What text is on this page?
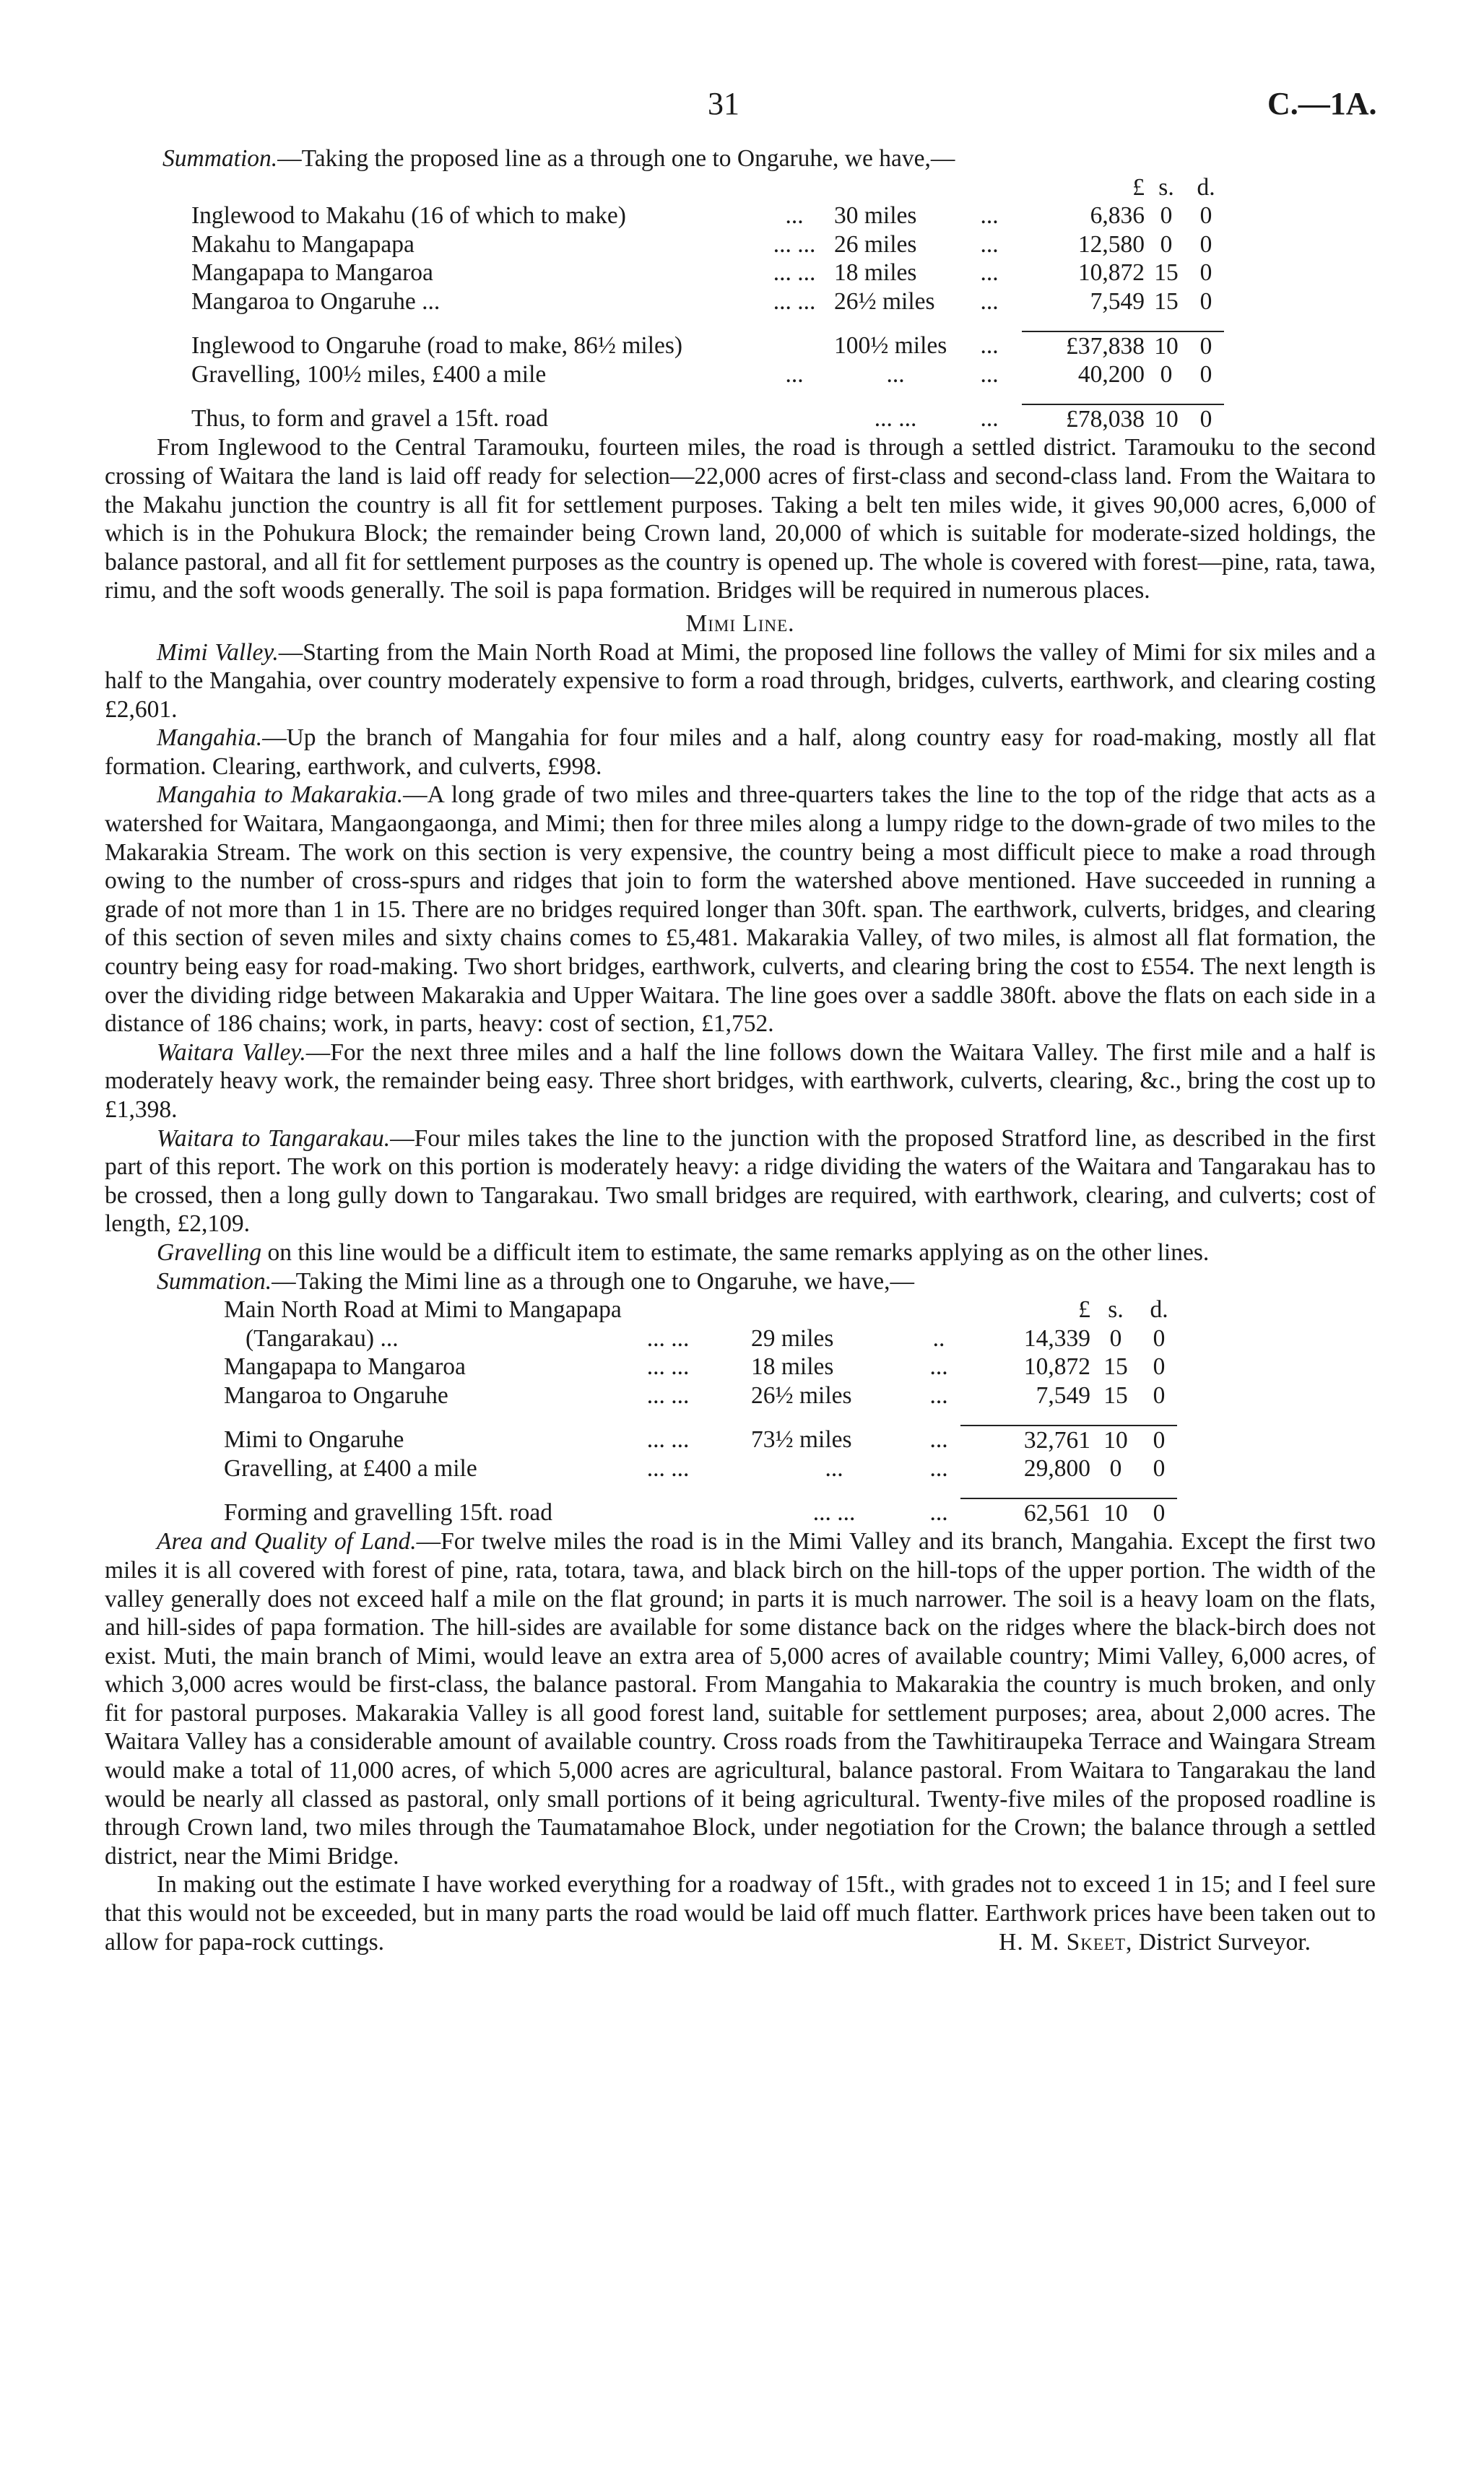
31	C.—1A.

Summation.—Taking the proposed line as a through one to Ongaruhe, we have,—

				£	s.	d.
Inglewood to Makahu (16 of which to make)	...	30 miles	...	6,836	0	0
Makahu to Mangapapa	... ...	26 miles	...	12,580	0	0
Mangapapa to Mangaroa	... ...	18 miles	...	10,872	15	0
Mangaroa to Ongaruhe ...	... ...	26½ miles	...	7,549	15	0

Inglewood to Ongaruhe (road to make, 86½ miles)		100½ miles	...	£37,838	10	0
Gravelling, 100½ miles, £400 a mile	...	...	...	40,200	0	0

Thus, to form and gravel a 15ft. road		... ...	...	£78,038	10	0

From Inglewood to the Central Taramouku, fourteen miles, the road is through a settled district. Taramouku to the second crossing of Waitara the land is laid off ready for selection—22,000 acres of first-class and second-class land. From the Waitara to the Makahu junction the country is all fit for settlement purposes. Taking a belt ten miles wide, it gives 90,000 acres, 6,000 of which is in the Pohukura Block; the remainder being Crown land, 20,000 of which is suitable for moderate-sized holdings, the balance pastoral, and all fit for settlement purposes as the country is opened up. The whole is covered with forest—pine, rata, tawa, rimu, and the soft woods generally. The soil is papa formation. Bridges will be required in numerous places.

Mimi Line.

Mimi Valley.—Starting from the Main North Road at Mimi, the proposed line follows the valley of Mimi for six miles and a half to the Mangahia, over country moderately expensive to form a road through, bridges, culverts, earthwork, and clearing costing £2,601.

Mangahia.—Up the branch of Mangahia for four miles and a half, along country easy for road-making, mostly all flat formation. Clearing, earthwork, and culverts, £998.

Mangahia to Makarakia.—A long grade of two miles and three-quarters takes the line to the top of the ridge that acts as a watershed for Waitara, Mangaongaonga, and Mimi; then for three miles along a lumpy ridge to the down-grade of two miles to the Makarakia Stream. The work on this section is very expensive, the country being a most difficult piece to make a road through owing to the number of cross-spurs and ridges that join to form the watershed above mentioned. Have succeeded in running a grade of not more than 1 in 15. There are no bridges required longer than 30ft. span. The earthwork, culverts, bridges, and clearing of this section of seven miles and sixty chains comes to £5,481. Makarakia Valley, of two miles, is almost all flat formation, the country being easy for road-making. Two short bridges, earthwork, culverts, and clearing bring the cost to £554. The next length is over the dividing ridge between Makarakia and Upper Waitara. The line goes over a saddle 380ft. above the flats on each side in a distance of 186 chains; work, in parts, heavy: cost of section, £1,752.

Waitara Valley.—For the next three miles and a half the line follows down the Waitara Valley. The first mile and a half is moderately heavy work, the remainder being easy. Three short bridges, with earthwork, culverts, clearing, &c., bring the cost up to £1,398.

Waitara to Tangarakau.—Four miles takes the line to the junction with the proposed Stratford line, as described in the first part of this report. The work on this portion is moderately heavy: a ridge dividing the waters of the Waitara and Tangarakau has to be crossed, then a long gully down to Tangarakau. Two small bridges are required, with earthwork, clearing, and culverts; cost of length, £2,109.

Gravelling on this line would be a difficult item to estimate, the same remarks applying as on the other lines.

Summation.—Taking the Mimi line as a through one to Ongaruhe, we have,—

Main North Road at Mimi to Mangapapa				£	s.	d.
(Tangarakau) ...	... ...	29 miles	..	14,339	0	0
Mangapapa to Mangaroa	... ...	18 miles	...	10,872	15	0
Mangaroa to Ongaruhe	... ...	26½ miles	...	7,549	15	0

Mimi to Ongaruhe	... ...	73½ miles	...	32,761	10	0
Gravelling, at £400 a mile	... ...	...	...	29,800	0	0

Forming and gravelling 15ft. road		... ...	...	62,561	10	0

Area and Quality of Land.—For twelve miles the road is in the Mimi Valley and its branch, Mangahia. Except the first two miles it is all covered with forest of pine, rata, totara, tawa, and black birch on the hill-tops of the upper portion. The width of the valley generally does not exceed half a mile on the flat ground; in parts it is much narrower. The soil is a heavy loam on the flats, and hill-sides of papa formation. The hill-sides are available for some distance back on the ridges where the black-birch does not exist. Muti, the main branch of Mimi, would leave an extra area of 5,000 acres of available country; Mimi Valley, 6,000 acres, of which 3,000 acres would be first-class, the balance pastoral. From Mangahia to Makarakia the country is much broken, and only fit for pastoral purposes. Makarakia Valley is all good forest land, suitable for settlement purposes; area, about 2,000 acres. The Waitara Valley has a considerable amount of available country. Cross roads from the Tawhitiraupeka Terrace and Waingara Stream would make a total of 11,000 acres, of which 5,000 acres are agricultural, balance pastoral. From Waitara to Tangarakau the land would be nearly all classed as pastoral, only small portions of it being agricultural. Twenty-five miles of the proposed roadline is through Crown land, two miles through the Taumatamahoe Block, under negotiation for the Crown; the balance through a settled district, near the Mimi Bridge.

In making out the estimate I have worked everything for a roadway of 15ft., with grades not to exceed 1 in 15; and I feel sure that this would not be exceeded, but in many parts the road would be laid off much flatter. Earthwork prices have been taken out to allow for papa-rock cuttings.	H. M. Skeet, District Surveyor.
